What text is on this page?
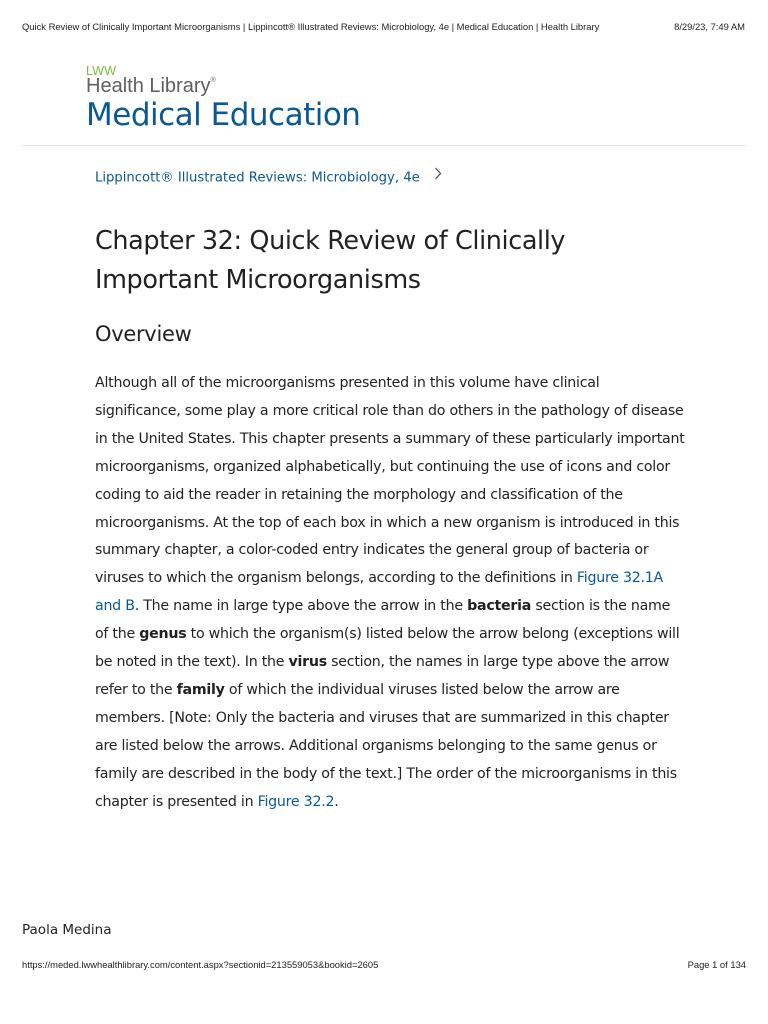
Quick Review of Clinically Important Microorganisms | Lippincott® Illustrated Reviews: Microbiology, 4e | Medical Education | Health Library	8/29/23, 7:49 AM
LWW
Health Library®
Medical Education
Lippincott® Illustrated Reviews: Microbiology, 4e
Chapter 32: Quick Review of Clinically Important Microorganisms
Overview

Although all of the microorganisms presented in this volume have clinical significance, some play a more critical role than do others in the pathology of disease in the United States. This chapter presents a summary of these particularly important microorganisms, organized alphabetically, but continuing the use of icons and color coding to aid the reader in retaining the morphology and classification of the microorganisms. At the top of each box in which a new organism is introduced in this summary chapter, a color-coded entry indicates the general group of bacteria or viruses to which the organism belongs, according to the definitions in Figure 32.1A and B. The name in large type above the arrow in the bacteria section is the name of the genus to which the organism(s) listed below the arrow belong (exceptions will be noted in the text). In the virus section, the names in large type above the arrow refer to the family of which the individual viruses listed below the arrow are members. [Note: Only the bacteria and viruses that are summarized in this chapter are listed below the arrows. Additional organisms belonging to the same genus or family are described in the body of the text.] The order of the microorganisms in this chapter is presented in Figure 32.2.

Paola Medina
https://meded.lwwhealthlibrary.com/content.aspx?sectionid=213559053&bookid=2605	Page 1 of 134
